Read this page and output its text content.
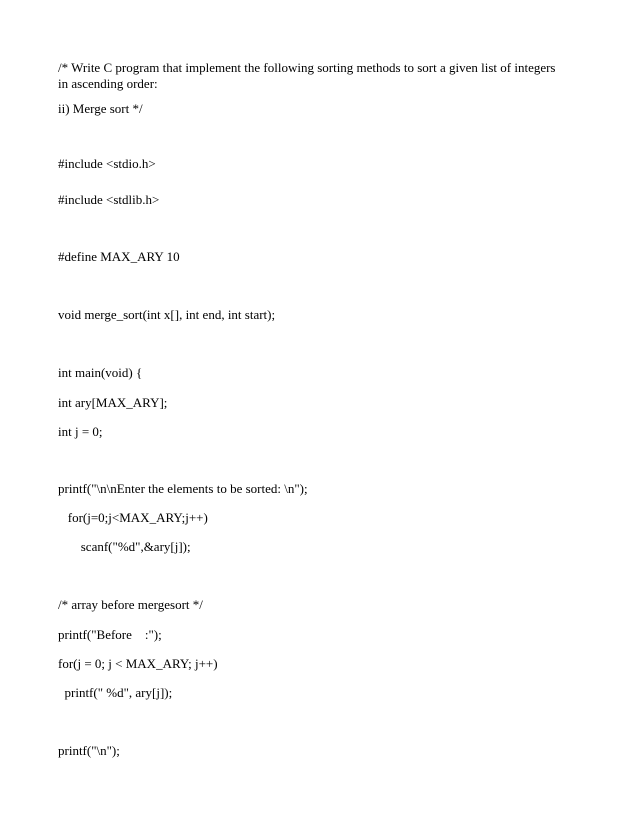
/* Write C program that implement the following sorting methods to sort a given list of integers in ascending order:
ii) Merge sort */
#include <stdio.h>
#include <stdlib.h>
#define MAX_ARY 10
void merge_sort(int x[], int end, int start);
int main(void) {
int ary[MAX_ARY];
int j = 0;
printf("\n\nEnter the elements to be sorted: \n");
for(j=0;j<MAX_ARY;j++)
scanf("%d",&ary[j]);
/* array before mergesort */
printf("Before    :");
for(j = 0; j < MAX_ARY; j++)
printf(" %d", ary[j]);
printf("\n");
